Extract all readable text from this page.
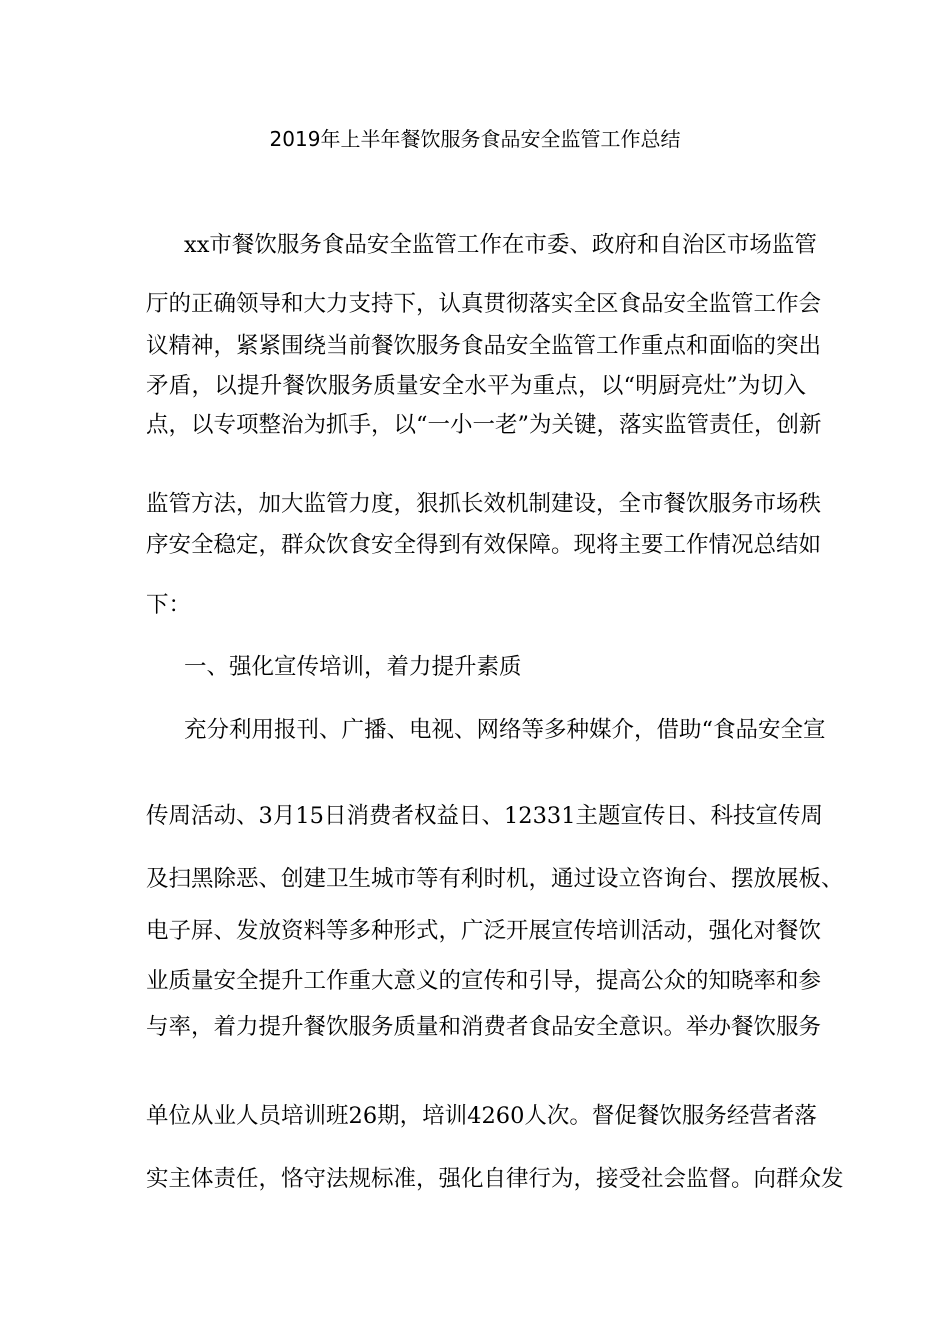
2019年上半年餐饮服务食品安全监管工作总结
xx市餐饮服务食品安全监管工作在市委、政府和自治区市场监管
厅的正确领导和大力支持下，认真贯彻落实全区食品安全监管工作会
议精神，紧紧围绕当前餐饮服务食品安全监管工作重点和面临的突出
矛盾，以提升餐饮服务质量安全水平为重点，以“明厨亮灶”为切入
点，以专项整治为抓手，以“一小一老”为关键，落实监管责任，创新
监管方法，加大监管力度，狠抓长效机制建设，全市餐饮服务市场秩
序安全稳定，群众饮食安全得到有效保障。现将主要工作情况总结如
下：
一、强化宣传培训，着力提升素质
充分利用报刊、广播、电视、网络等多种媒介，借助“食品安全宣
传周活动、3月15日消费者权益日、12331主题宣传日、科技宣传周
及扫黑除恶、创建卫生城市等有利时机，通过设立咨询台、摆放展板、
电子屏、发放资料等多种形式，广泛开展宣传培训活动，强化对餐饮
业质量安全提升工作重大意义的宣传和引导，提高公众的知晓率和参
与率，着力提升餐饮服务质量和消费者食品安全意识。举办餐饮服务
单位从业人员培训班26期，培训4260人次。督促餐饮服务经营者落
实主体责任，恪守法规标准，强化自律行为，接受社会监督。向群众发
